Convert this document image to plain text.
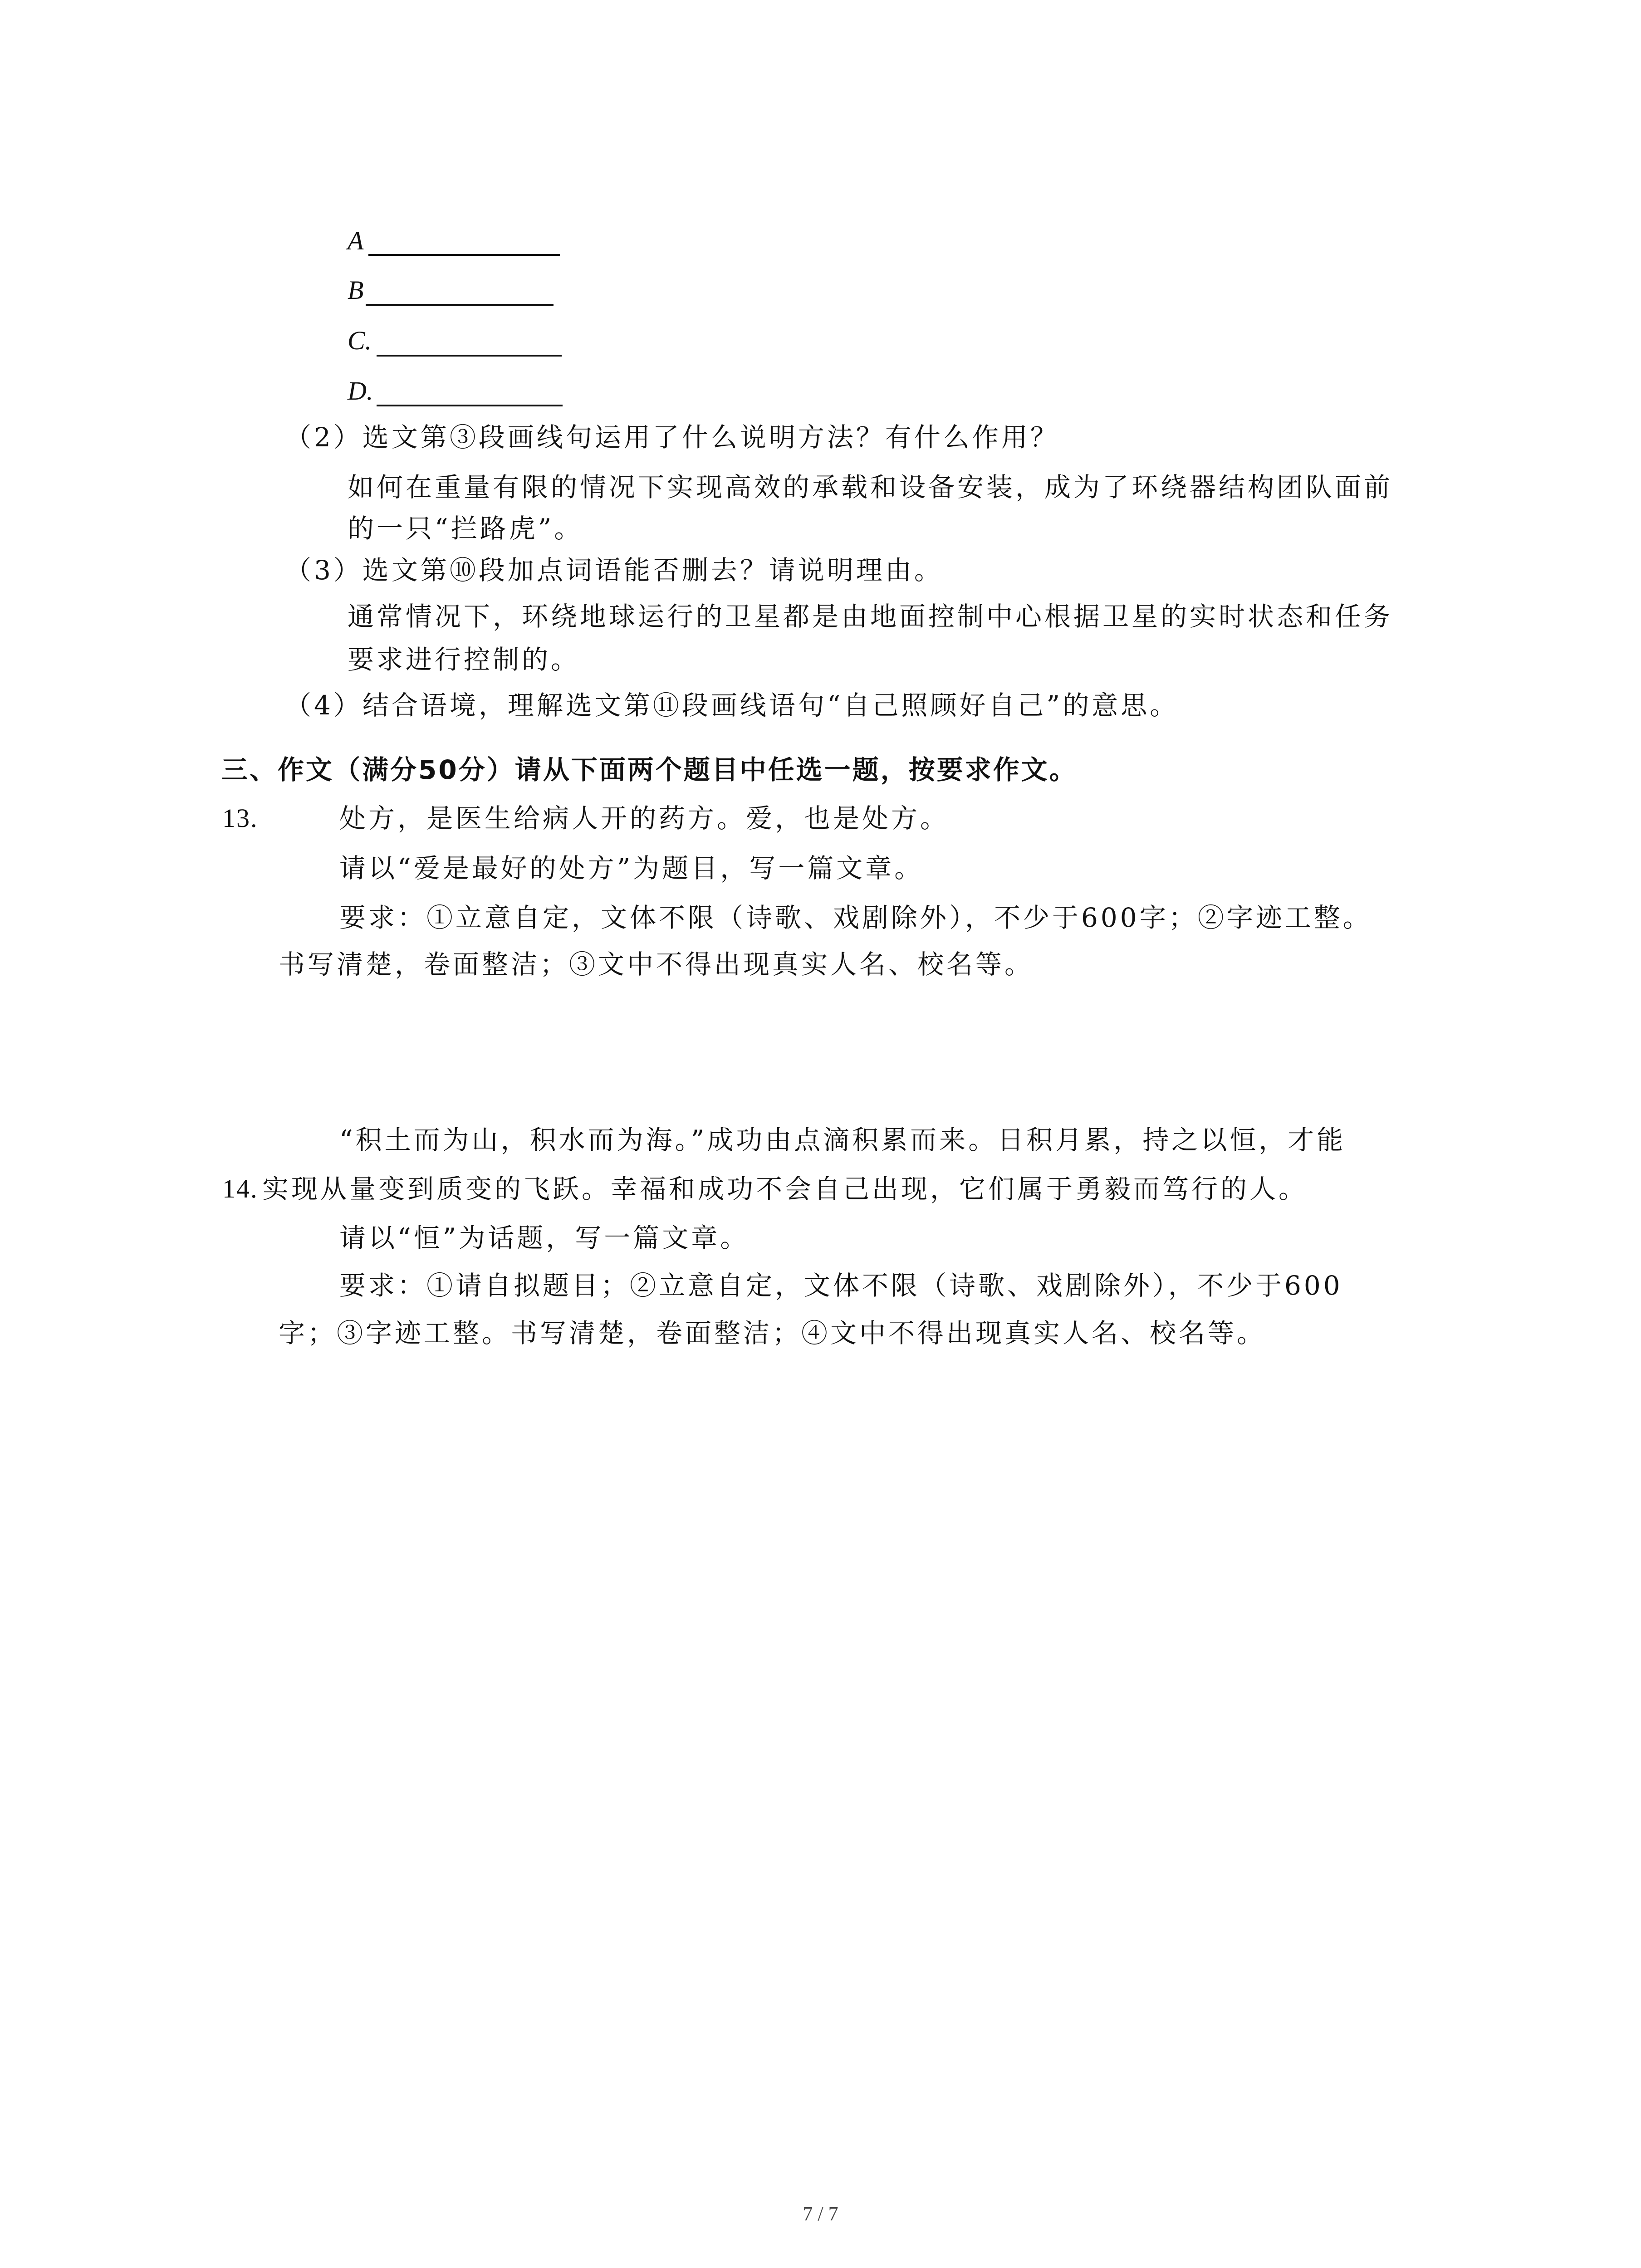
A
B
C.
D.
（2）选文第③段画线句运用了什么说明方法？有什么作用？
如何在重量有限的情况下实现高效的承载和设备安装，成为了环绕器结构团队面前
的一只“拦路虎”。
（3）选文第⑩段加点词语能否删去？请说明理由。
通常情况下，环绕地球运行的卫星都是由地面控制中心根据卫星的实时状态和任务
要求进行控制的。
（4）结合语境，理解选文第⑪段画线语句“自己照顾好自己”的意思。
三、作文（满分50分）请从下面两个题目中任选一题，按要求作文。
13.	处方，是医生给病人开的药方。爱，也是处方。
请以“爱是最好的处方”为题目，写一篇文章。
要求：①立意自定，文体不限（诗歌、戏剧除外），不少于600字；②字迹工整。
书写清楚，卷面整洁；③文中不得出现真实人名、校名等。
“积土而为山，积水而为海。”成功由点滴积累而来。日积月累，持之以恒，才能
14. 实现从量变到质变的飞跃。幸福和成功不会自己出现，它们属于勇毅而笃行的人。
请以“恒”为话题，写一篇文章。
要求：①请自拟题目；②立意自定，文体不限（诗歌、戏剧除外），不少于600
字；③字迹工整。书写清楚，卷面整洁；④文中不得出现真实人名、校名等。
7 / 7
